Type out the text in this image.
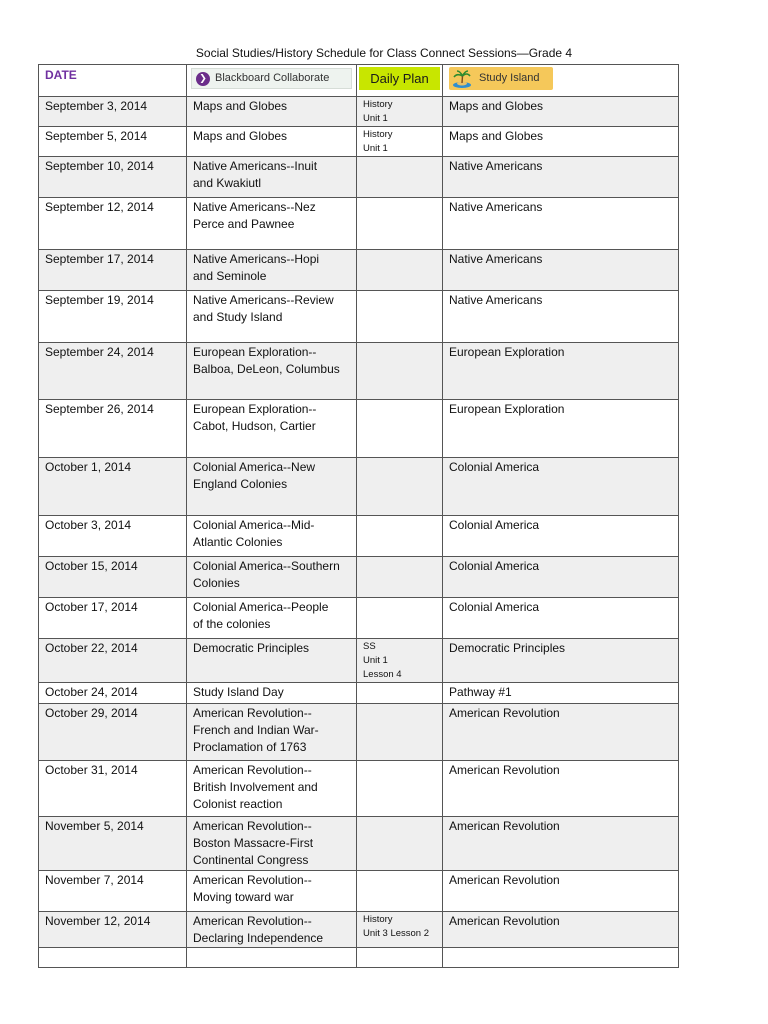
Social Studies/History Schedule for Class Connect Sessions—Grade 4
DATE	❯ Blackboard Collaborate	Daily Plan	Study Island

September 3, 2014	Maps and Globes	History
Unit 1	Maps and Globes

September 5, 2014	Maps and Globes	History
Unit 1	Maps and Globes

September 10, 2014	Native Americans--Inuit
and Kwakiutl		Native Americans

September 12, 2014	Native Americans--Nez
Perce and Pawnee		Native Americans

September 17, 2014	Native Americans--Hopi
and Seminole		Native Americans

September 19, 2014	Native Americans--Review
and Study Island		Native Americans

September 24, 2014	European Exploration--
Balboa, DeLeon, Columbus		European Exploration

September 26, 2014	European Exploration--
Cabot, Hudson, Cartier		European Exploration

October 1, 2014	Colonial America--New
England Colonies		Colonial America

October 3, 2014	Colonial America--Mid-
Atlantic Colonies		Colonial America

October 15, 2014	Colonial America--Southern
Colonies		Colonial America

October 17, 2014	Colonial America--People
of the colonies		Colonial America

October 22, 2014	Democratic Principles	SS
Unit 1
Lesson 4	Democratic Principles

October 24, 2014	Study Island Day		Pathway #1

October 29, 2014	American Revolution--
French and Indian War-
Proclamation of 1763		American Revolution

October 31, 2014	American Revolution--
British Involvement and
Colonist reaction		American Revolution

November 5, 2014	American Revolution--
Boston Massacre-First
Continental Congress		American Revolution

November 7, 2014	American Revolution--
Moving toward war		American Revolution

November 12, 2014	American Revolution--
Declaring Independence	History
Unit 3 Lesson 2	American Revolution
